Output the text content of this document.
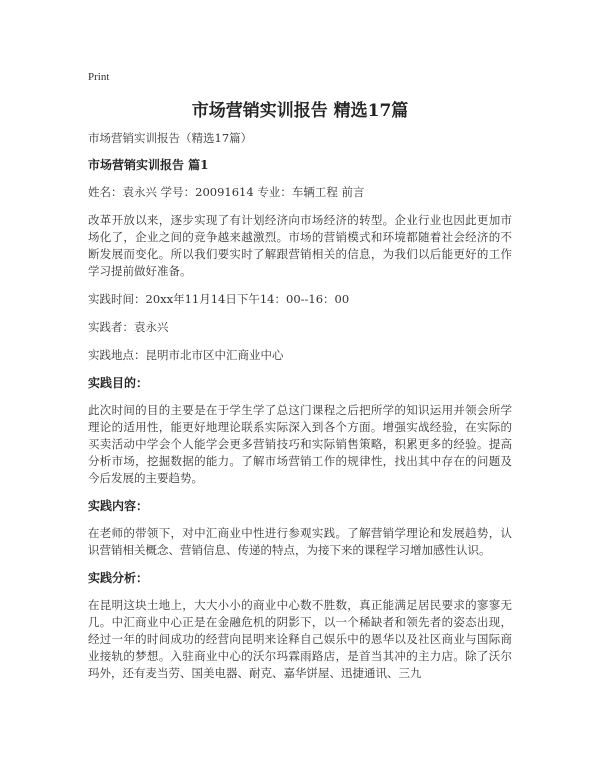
Print
市场营销实训报告 精选17篇

市场营销实训报告（精选17篇）

市场营销实训报告 篇1

姓名：袁永兴 学号：20091614 专业：车辆工程 前言

改革开放以来，逐步实现了有计划经济向市场经济的转型。企业行业也因此更加市场化了，企业之间的竞争越来越激烈。市场的营销模式和环境都随着社会经济的不断发展而变化。所以我们要实时了解跟营销相关的信息，为我们以后能更好的工作学习提前做好准备。

实践时间：20xx年11月14日下午14：00--16：00

实践者：袁永兴

实践地点：昆明市北市区中汇商业中心

实践目的：

此次时间的目的主要是在于学生学了总这门课程之后把所学的知识运用并领会所学理论的适用性，能更好地理论联系实际深入到各个方面。增强实战经验，在实际的买卖活动中学会个人能学会更多营销技巧和实际销售策略，积累更多的经验。提高分析市场，挖掘数据的能力。了解市场营销工作的规律性，找出其中存在的问题及今后发展的主要趋势。

实践内容：

在老师的带领下，对中汇商业中性进行参观实践。了解营销学理论和发展趋势，认识营销相关概念、营销信息、传递的特点，为接下来的课程学习增加感性认识。

实践分析：

在昆明这块土地上，大大小小的商业中心数不胜数，真正能满足居民要求的寥寥无几。中汇商业中心正是在金融危机的阴影下，以一个稀缺者和领先者的姿态出现，经过一年的时间成功的经营向昆明来诠释自己娱乐中的恩华以及社区商业与国际商业接轨的梦想。入驻商业中心的沃尔玛霖雨路店，是首当其冲的主力店。除了沃尔玛外，还有麦当劳、国美电器、耐克、嘉华饼屋、迅捷通讯、三九
